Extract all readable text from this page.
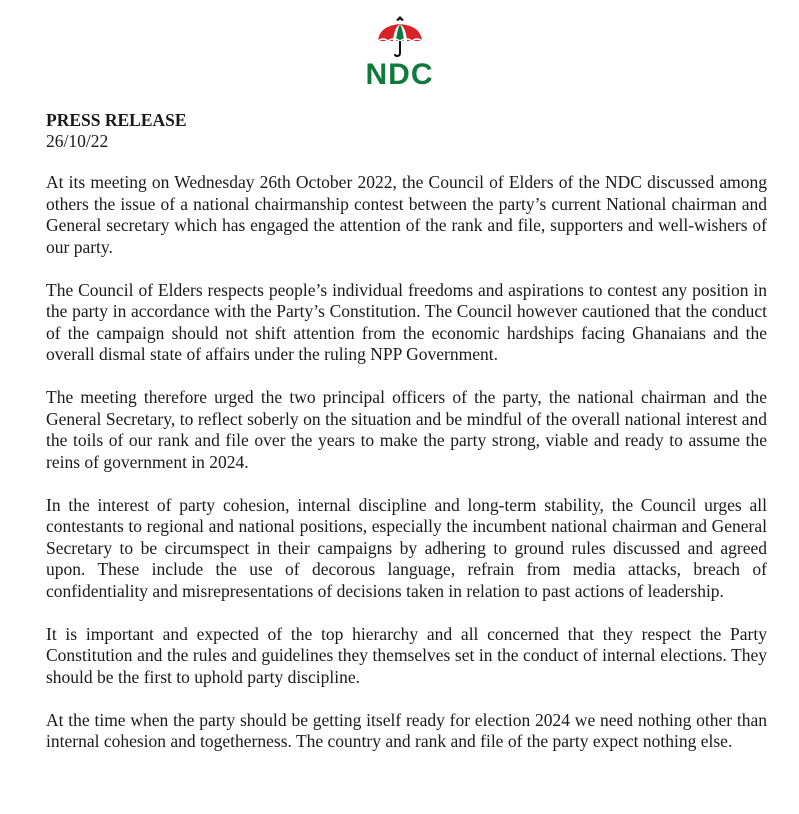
NDC
PRESS RELEASE
26/10/22

At its meeting on Wednesday 26th October 2022, the Council of Elders of the NDC discussed among others the issue of a national chairmanship contest between the party’s current National chairman and General secretary which has engaged the attention of the rank and file, supporters and well-wishers of our party.

The Council of Elders respects people’s individual freedoms and aspirations to contest any position in the party in accordance with the Party’s Constitution. The Council however cautioned that the conduct of the campaign should not shift attention from the economic hardships facing Ghanaians and the overall dismal state of affairs under the ruling NPP Government.

The meeting therefore urged the two principal officers of the party, the national chairman and the General Secretary, to reflect soberly on the situation and be mindful of the overall national interest and the toils of our rank and file over the years to make the party strong, viable and ready to assume the reins of government in 2024.

In the interest of party cohesion, internal discipline and long-term stability, the Council urges all contestants to regional and national positions, especially the incumbent national chairman and General Secretary to be circumspect in their campaigns by adhering to ground rules discussed and agreed upon. These include the use of decorous language, refrain from media attacks, breach of confidentiality and misrepresentations of decisions taken in relation to past actions of leadership.

It is important and expected of the top hierarchy and all concerned that they respect the Party Constitution and the rules and guidelines they themselves set in the conduct of internal elections. They should be the first to uphold party discipline.

At the time when the party should be getting itself ready for election 2024 we need nothing other than internal cohesion and togetherness. The country and rank and file of the party expect nothing else.
